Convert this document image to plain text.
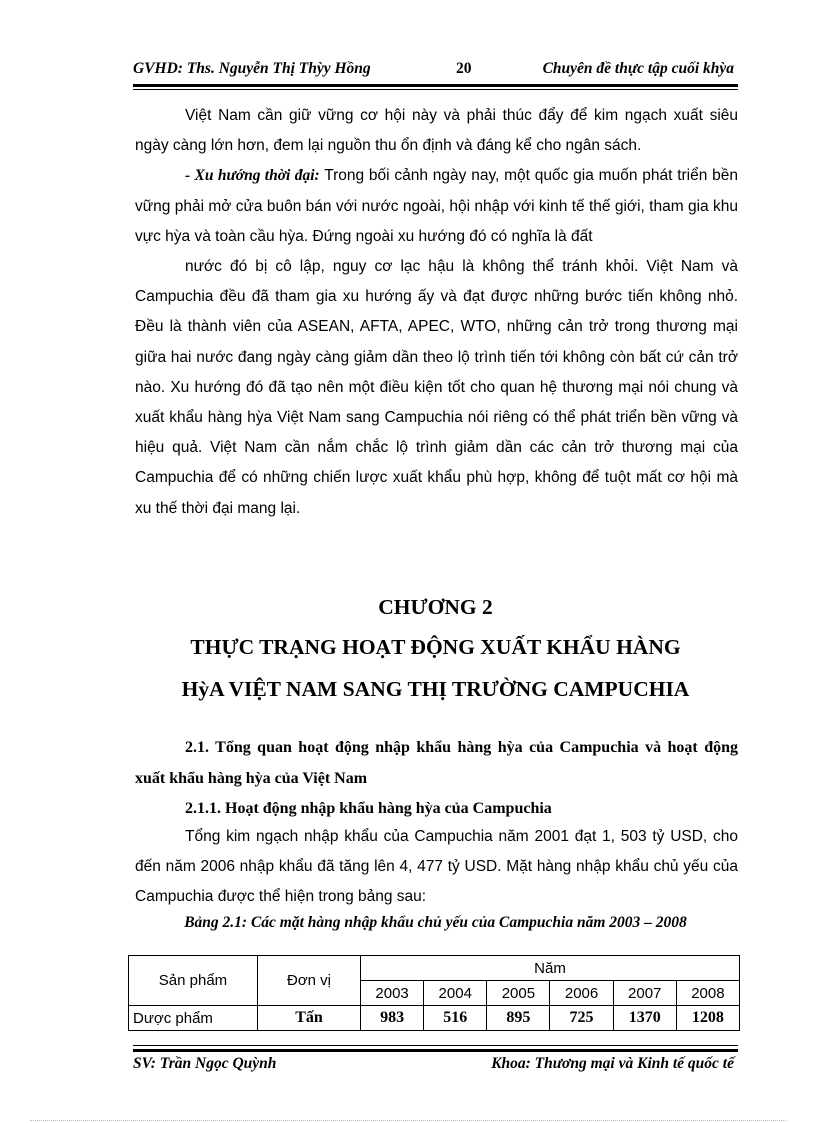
GVHD: Ths. Nguyễn Thị Thỳy Hồng	20	Chuyên đề thực tập cuối khỳa

Việt Nam cần giữ vững cơ hội này và phải thúc đẩy để kim ngạch xuất siêu ngày càng lớn hơn, đem lại nguồn thu ổn định và đáng kể cho ngân sách.

- Xu hướng thời đại: Trong bối cảnh ngày nay, một quốc gia muốn phát triển bền vững phải mở cửa buôn bán với nước ngoài, hội nhập với kinh tế thế giới, tham gia khu vực hỳa và toàn cầu hỳa. Đứng ngoài xu hướng đó có nghĩa là đất

nước đó bị cô lập, nguy cơ lạc hậu là không thể tránh khỏi. Việt Nam và Campuchia đều đã tham gia xu hướng ấy và đạt được những bước tiến không nhỏ. Đều là thành viên của ASEAN, AFTA, APEC, WTO, những cản trở trong thương mại giữa hai nước đang ngày càng giảm dần theo lộ trình tiến tới không còn bất cứ cản trở nào. Xu hướng đó đã tạo nên một điều kiện tốt cho quan hệ thương mại nói chung và xuất khẩu hàng hỳa Việt Nam sang Campuchia nói riêng có thể phát triển bền vững và hiệu quả. Việt Nam cần nắm chắc lộ trình giảm dần các cản trở thương mại của Campuchia để có những chiến lược xuất khẩu phù hợp, không để tuột mất cơ hội mà xu thế thời đại mang lại.

CHƯƠNG 2
THỰC TRẠNG HOẠT ĐỘNG XUẤT KHẨU HÀNG
HỳA VIỆT NAM SANG THỊ TRƯỜNG CAMPUCHIA

2.1. Tổng quan hoạt động nhập khẩu hàng hỳa của Campuchia và hoạt động xuất khẩu hàng hỳa của Việt Nam

2.1.1. Hoạt động nhập khẩu hàng hỳa của Campuchia

Tổng kim ngạch nhập khẩu của Campuchia năm 2001 đạt 1, 503 tỷ USD, cho đến năm 2006 nhập khẩu đã tăng lên 4, 477 tỷ USD. Mặt hàng nhập khẩu chủ yếu của Campuchia được thể hiện trong bảng sau:

Bảng 2.1: Các mặt hàng nhập khẩu chủ yếu của Campuchia năm 2003 – 2008
Sản phẩm	Đơn vị	Năm					
		2003	2004	2005	2006	2007	2008
Dược phẩm	Tấn	983	516	895	725	1370	1208
SV: Trần Ngọc Quỳnh	Khoa: Thương mại và Kinh tế quốc tế
